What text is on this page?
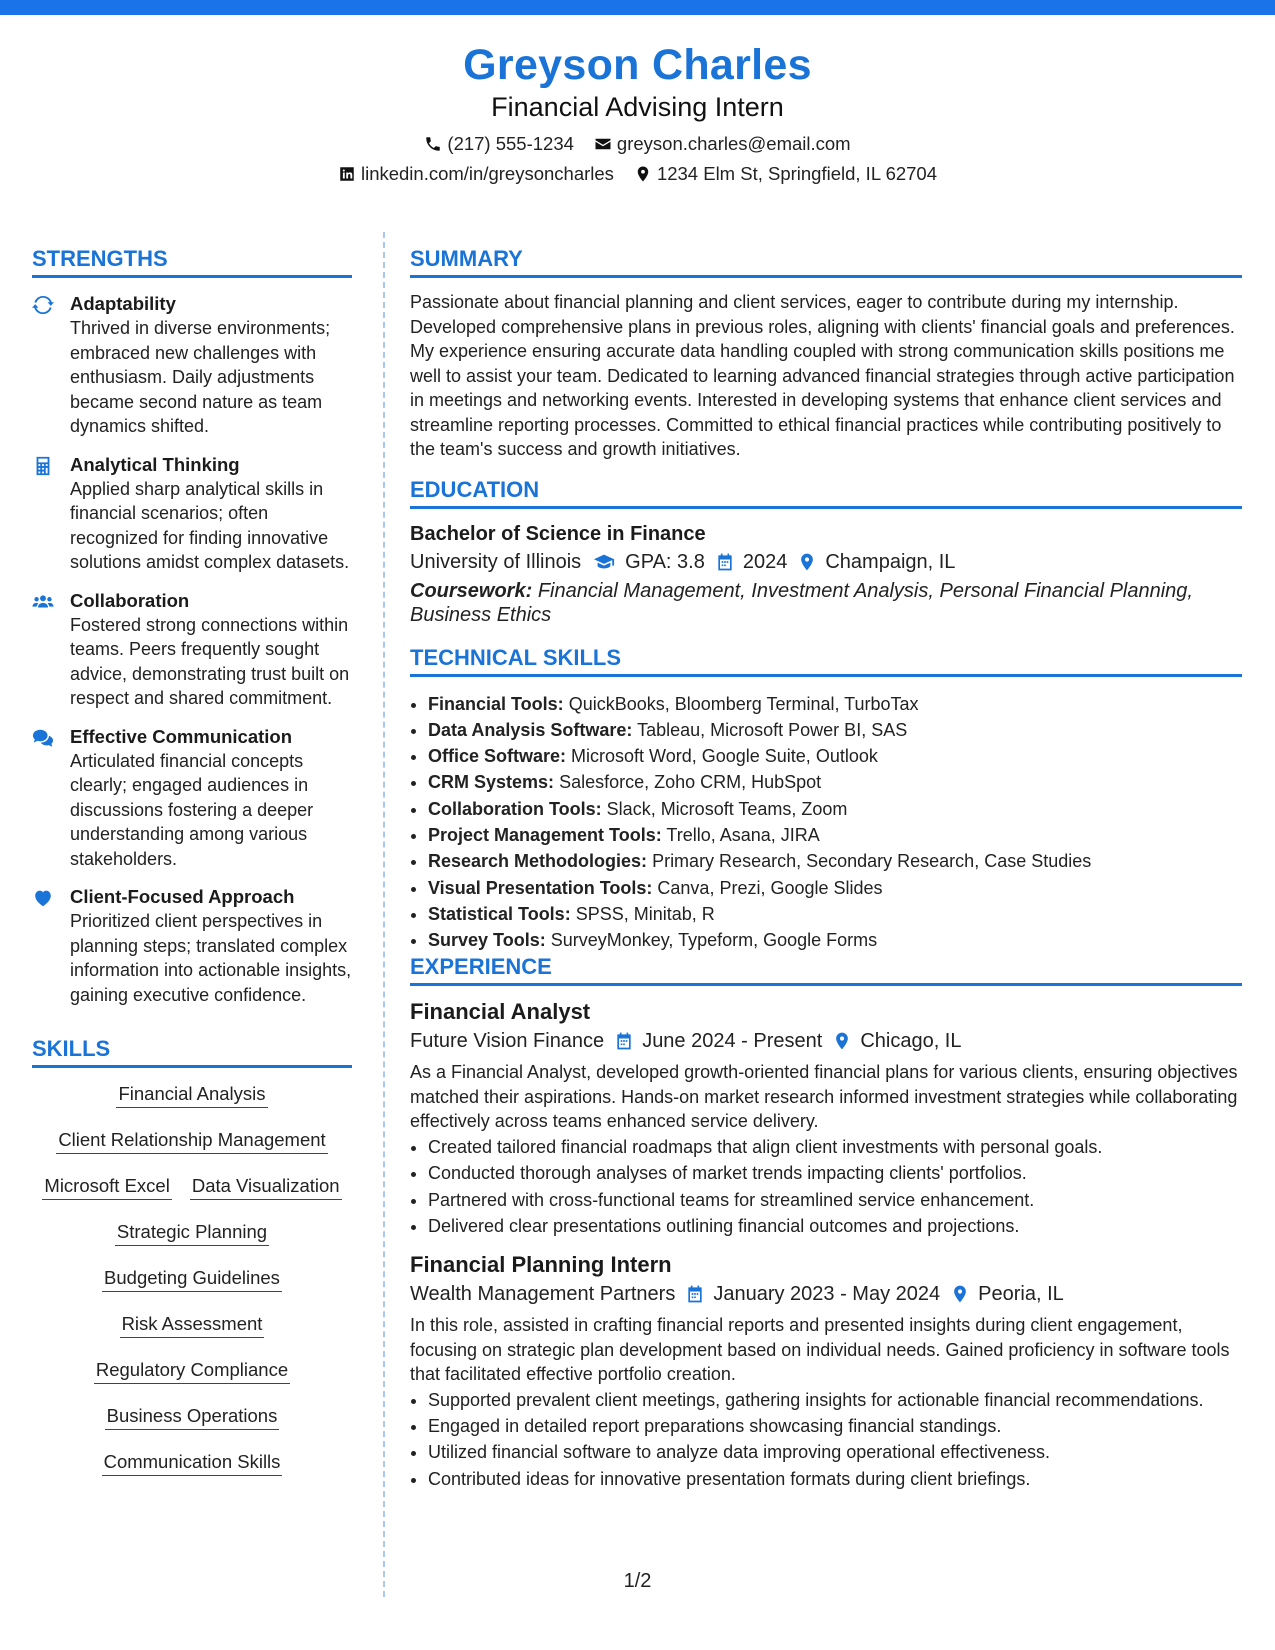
Greyson Charles
Financial Advising Intern
(217) 555-1234 greyson.charles@email.com
linkedin.com/in/greysoncharles 1234 Elm St, Springfield, IL 62704
STRENGTHS
Adaptability
Thrived in diverse environments; embraced new challenges with enthusiasm. Daily adjustments became second nature as team dynamics shifted.
Analytical Thinking
Applied sharp analytical skills in financial scenarios; often recognized for finding innovative solutions amidst complex datasets.
Collaboration
Fostered strong connections within teams. Peers frequently sought advice, demonstrating trust built on respect and shared commitment.
Effective Communication
Articulated financial concepts clearly; engaged audiences in discussions fostering a deeper understanding among various stakeholders.
Client-Focused Approach
Prioritized client perspectives in planning steps; translated complex information into actionable insights, gaining executive confidence.
SKILLS
Financial Analysis
Client Relationship Management
Microsoft Excel Data Visualization
Strategic Planning
Budgeting Guidelines
Risk Assessment
Regulatory Compliance
Business Operations
Communication Skills
SUMMARY
Passionate about financial planning and client services, eager to contribute during my internship. Developed comprehensive plans in previous roles, aligning with clients' financial goals and preferences. My experience ensuring accurate data handling coupled with strong communication skills positions me well to assist your team. Dedicated to learning advanced financial strategies through active participation in meetings and networking events. Interested in developing systems that enhance client services and streamline reporting processes. Committed to ethical financial practices while contributing positively to the team's success and growth initiatives.
EDUCATION
Bachelor of Science in Finance
University of Illinois GPA: 3.8 2024 Champaign, IL
Coursework: Financial Management, Investment Analysis, Personal Financial Planning, Business Ethics
TECHNICAL SKILLS
• Financial Tools: QuickBooks, Bloomberg Terminal, TurboTax
• Data Analysis Software: Tableau, Microsoft Power BI, SAS
• Office Software: Microsoft Word, Google Suite, Outlook
• CRM Systems: Salesforce, Zoho CRM, HubSpot
• Collaboration Tools: Slack, Microsoft Teams, Zoom
• Project Management Tools: Trello, Asana, JIRA
• Research Methodologies: Primary Research, Secondary Research, Case Studies
• Visual Presentation Tools: Canva, Prezi, Google Slides
• Statistical Tools: SPSS, Minitab, R
• Survey Tools: SurveyMonkey, Typeform, Google Forms
EXPERIENCE
Financial Analyst
Future Vision Finance June 2024 - Present Chicago, IL
As a Financial Analyst, developed growth-oriented financial plans for various clients, ensuring objectives matched their aspirations. Hands-on market research informed investment strategies while collaborating effectively across teams enhanced service delivery.
• Created tailored financial roadmaps that align client investments with personal goals.
• Conducted thorough analyses of market trends impacting clients' portfolios.
• Partnered with cross-functional teams for streamlined service enhancement.
• Delivered clear presentations outlining financial outcomes and projections.
Financial Planning Intern
Wealth Management Partners January 2023 - May 2024 Peoria, IL
In this role, assisted in crafting financial reports and presented insights during client engagement, focusing on strategic plan development based on individual needs. Gained proficiency in software tools that facilitated effective portfolio creation.
• Supported prevalent client meetings, gathering insights for actionable financial recommendations.
• Engaged in detailed report preparations showcasing financial standings.
• Utilized financial software to analyze data improving operational effectiveness.
• Contributed ideas for innovative presentation formats during client briefings.
1/2
